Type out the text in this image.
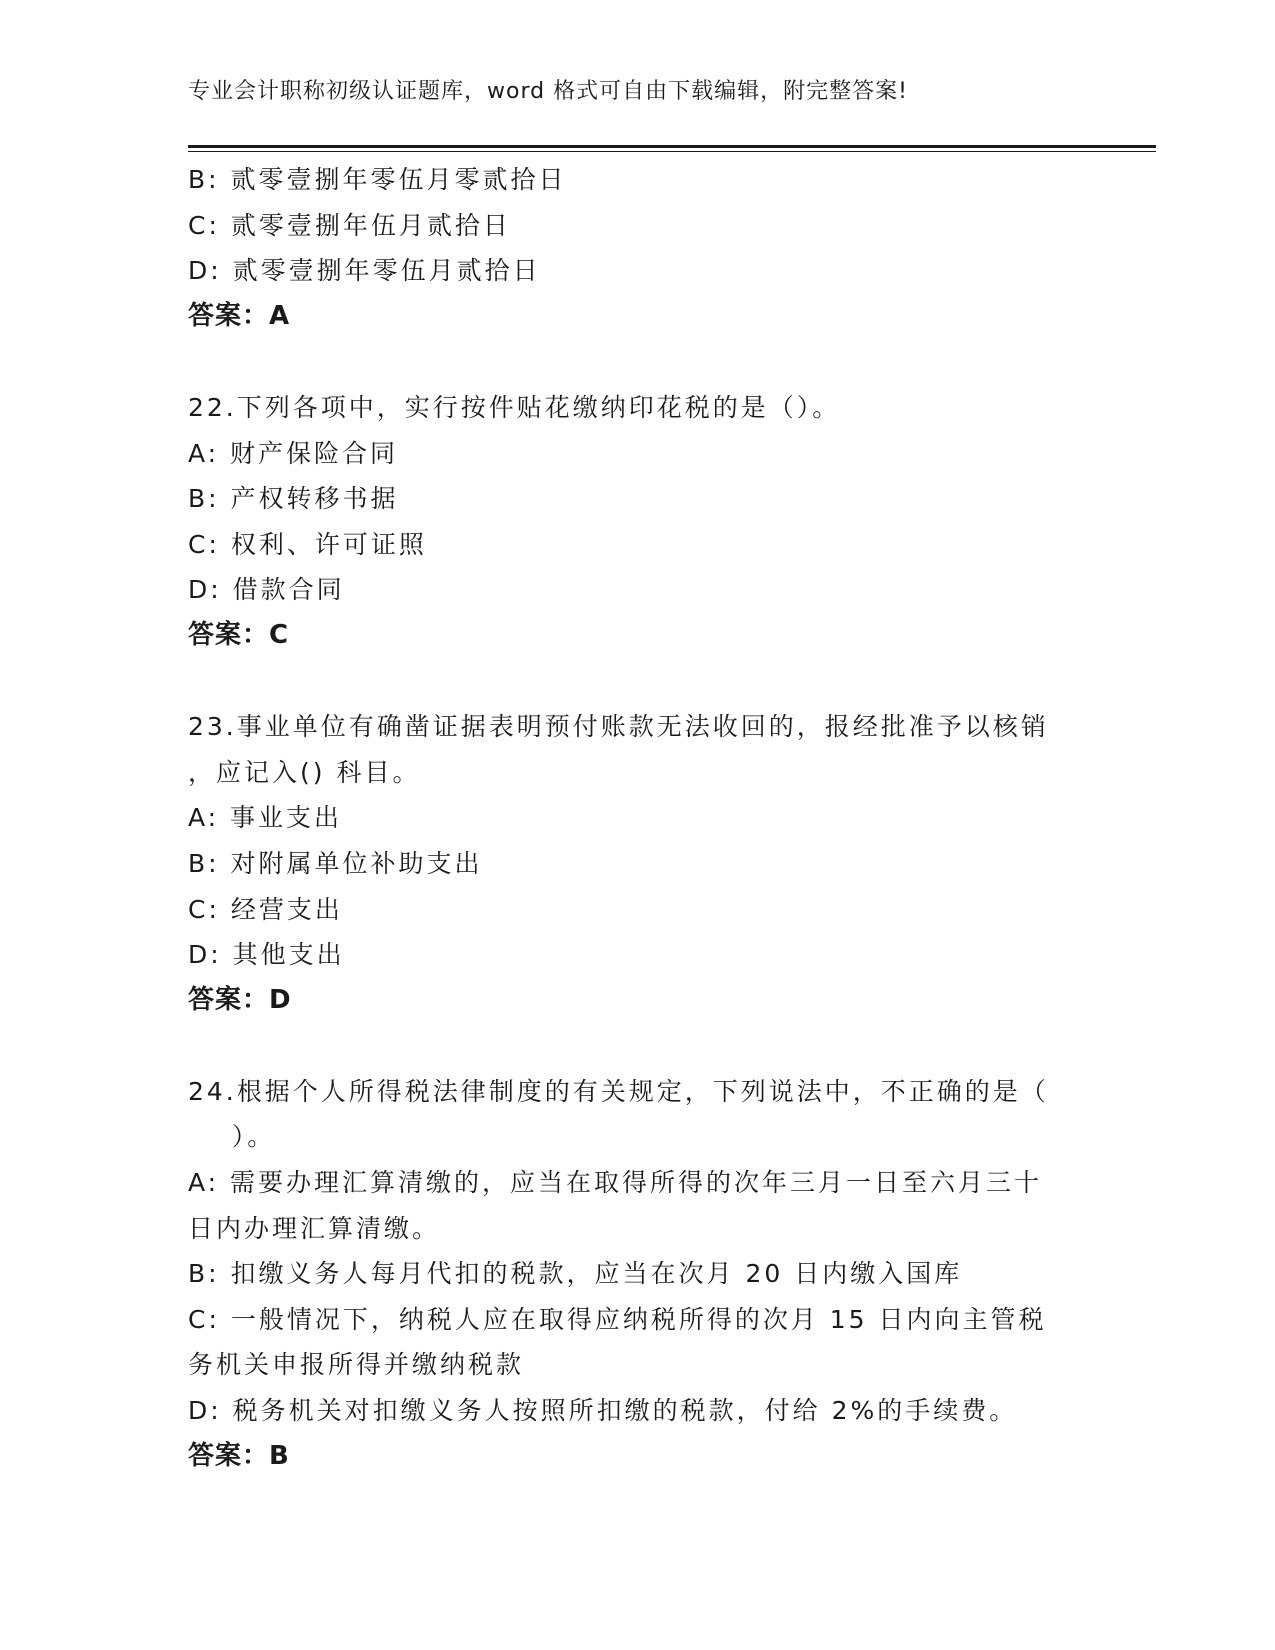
专业会计职称初级认证题库，word 格式可自由下载编辑，附完整答案!
B: 贰零壹捌年零伍月零贰拾日
C: 贰零壹捌年伍月贰拾日
D: 贰零壹捌年零伍月贰拾日
答案：A
22.下列各项中，实行按件贴花缴纳印花税的是（）。
A: 财产保险合同
B: 产权转移书据
C: 权利、许可证照
D: 借款合同
答案：C
23.事业单位有确凿证据表明预付账款无法收回的，报经批准予以核销
，应记入() 科目。
A: 事业支出
B: 对附属单位补助支出
C: 经营支出
D: 其他支出
答案：D
24.根据个人所得税法律制度的有关规定，下列说法中，不正确的是（
）。
A: 需要办理汇算清缴的，应当在取得所得的次年三月一日至六月三十
日内办理汇算清缴。
B: 扣缴义务人每月代扣的税款，应当在次月 20 日内缴入国库
C: 一般情况下，纳税人应在取得应纳税所得的次月 15 日内向主管税
务机关申报所得并缴纳税款
D: 税务机关对扣缴义务人按照所扣缴的税款，付给 2%的手续费。
答案：B
